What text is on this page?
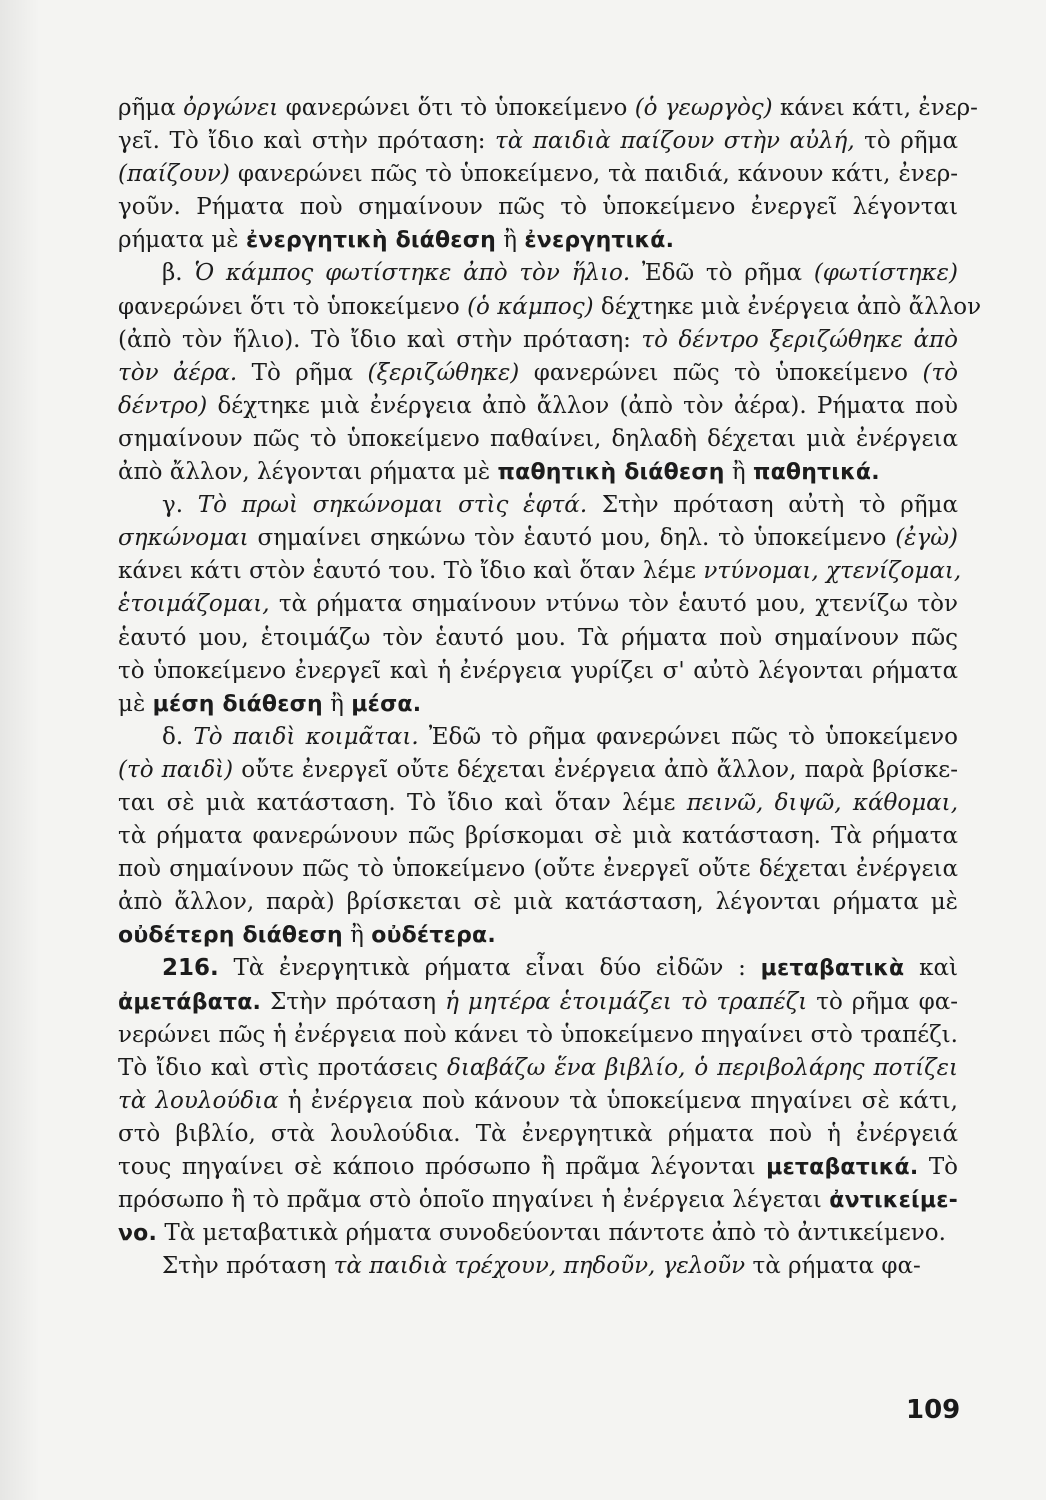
ρῆμα ὀργώνει φανερώνει ὅτι τὸ ὑποκείμενο (ὁ γεωργὸς) κάνει κάτι, ἐνερ-
γεῖ. Τὸ ἴδιο καὶ στὴν πρόταση: τὰ παιδιὰ παίζουν στὴν αὐλή, τὸ ρῆμα
(παίζουν) φανερώνει πῶς τὸ ὑποκείμενο, τὰ παιδιά, κάνουν κάτι, ἐνερ-
γοῦν. Ρήματα ποὺ σημαίνουν πῶς τὸ ὑποκείμενο ἐνεργεῖ λέγονται
ρήματα μὲ ἐνεργητικὴ διάθεση ἢ ἐνεργητικά.
β. Ὁ κάμπος φωτίστηκε ἀπὸ τὸν ἥλιο. Ἐδῶ τὸ ρῆμα (φωτίστηκε)
φανερώνει ὅτι τὸ ὑποκείμενο (ὁ κάμπος) δέχτηκε μιὰ ἐνέργεια ἀπὸ ἄλλον
(ἀπὸ τὸν ἥλιο). Τὸ ἴδιο καὶ στὴν πρόταση: τὸ δέντρο ξεριζώθηκε ἀπὸ
τὸν ἀέρα. Τὸ ρῆμα (ξεριζώθηκε) φανερώνει πῶς τὸ ὑποκείμενο (τὸ
δέντρο) δέχτηκε μιὰ ἐνέργεια ἀπὸ ἄλλον (ἀπὸ τὸν ἀέρα). Ρήματα ποὺ
σημαίνουν πῶς τὸ ὑποκείμενο παθαίνει, δηλαδὴ δέχεται μιὰ ἐνέργεια
ἀπὸ ἄλλον, λέγονται ρήματα μὲ παθητικὴ διάθεση ἢ παθητικά.
γ. Τὸ πρωὶ σηκώνομαι στὶς ἑφτά. Στὴν πρόταση αὐτὴ τὸ ρῆμα
σηκώνομαι σημαίνει σηκώνω τὸν ἑαυτό μου, δηλ. τὸ ὑποκείμενο (ἐγὼ)
κάνει κάτι στὸν ἑαυτό του. Τὸ ἴδιο καὶ ὅταν λέμε ντύνομαι, χτενίζομαι,
ἑτοιμάζομαι, τὰ ρήματα σημαίνουν ντύνω τὸν ἑαυτό μου, χτενίζω τὸν
ἑαυτό μου, ἑτοιμάζω τὸν ἑαυτό μου. Τὰ ρήματα ποὺ σημαίνουν πῶς
τὸ ὑποκείμενο ἐνεργεῖ καὶ ἡ ἐνέργεια γυρίζει σ' αὐτὸ λέγονται ρήματα
μὲ μέση διάθεση ἢ μέσα.
δ. Τὸ παιδὶ κοιμᾶται. Ἐδῶ τὸ ρῆμα φανερώνει πῶς τὸ ὑποκείμενο
(τὸ παιδὶ) οὔτε ἐνεργεῖ οὔτε δέχεται ἐνέργεια ἀπὸ ἄλλον, παρὰ βρίσκε-
ται σὲ μιὰ κατάσταση. Τὸ ἴδιο καὶ ὅταν λέμε πεινῶ, διψῶ, κάθομαι,
τὰ ρήματα φανερώνουν πῶς βρίσκομαι σὲ μιὰ κατάσταση. Τὰ ρήματα
ποὺ σημαίνουν πῶς τὸ ὑποκείμενο (οὔτε ἐνεργεῖ οὔτε δέχεται ἐνέργεια
ἀπὸ ἄλλον, παρὰ) βρίσκεται σὲ μιὰ κατάσταση, λέγονται ρήματα μὲ
οὐδέτερη διάθεση ἢ οὐδέτερα.
216. Τὰ ἐνεργητικὰ ρήματα εἶναι δύο εἰδῶν : μεταβατικὰ καὶ
ἀμετάβατα. Στὴν πρόταση ἡ μητέρα ἑτοιμάζει τὸ τραπέζι τὸ ρῆμα φα-
νερώνει πῶς ἡ ἐνέργεια ποὺ κάνει τὸ ὑποκείμενο πηγαίνει στὸ τραπέζι.
Τὸ ἴδιο καὶ στὶς προτάσεις διαβάζω ἕνα βιβλίο, ὁ περιβολάρης ποτίζει
τὰ λουλούδια ἡ ἐνέργεια ποὺ κάνουν τὰ ὑποκείμενα πηγαίνει σὲ κάτι,
στὸ βιβλίο, στὰ λουλούδια. Τὰ ἐνεργητικὰ ρήματα ποὺ ἡ ἐνέργειά
τους πηγαίνει σὲ κάποιο πρόσωπο ἢ πρᾶμα λέγονται μεταβατικά. Τὸ
πρόσωπο ἢ τὸ πρᾶμα στὸ ὁποῖο πηγαίνει ἡ ἐνέργεια λέγεται ἀντικείμε-
νο. Τὰ μεταβατικὰ ρήματα συνοδεύονται πάντοτε ἀπὸ τὸ ἀντικείμενο.
Στὴν πρόταση τὰ παιδιὰ τρέχουν, πηδοῦν, γελοῦν τὰ ρήματα φα-
109
